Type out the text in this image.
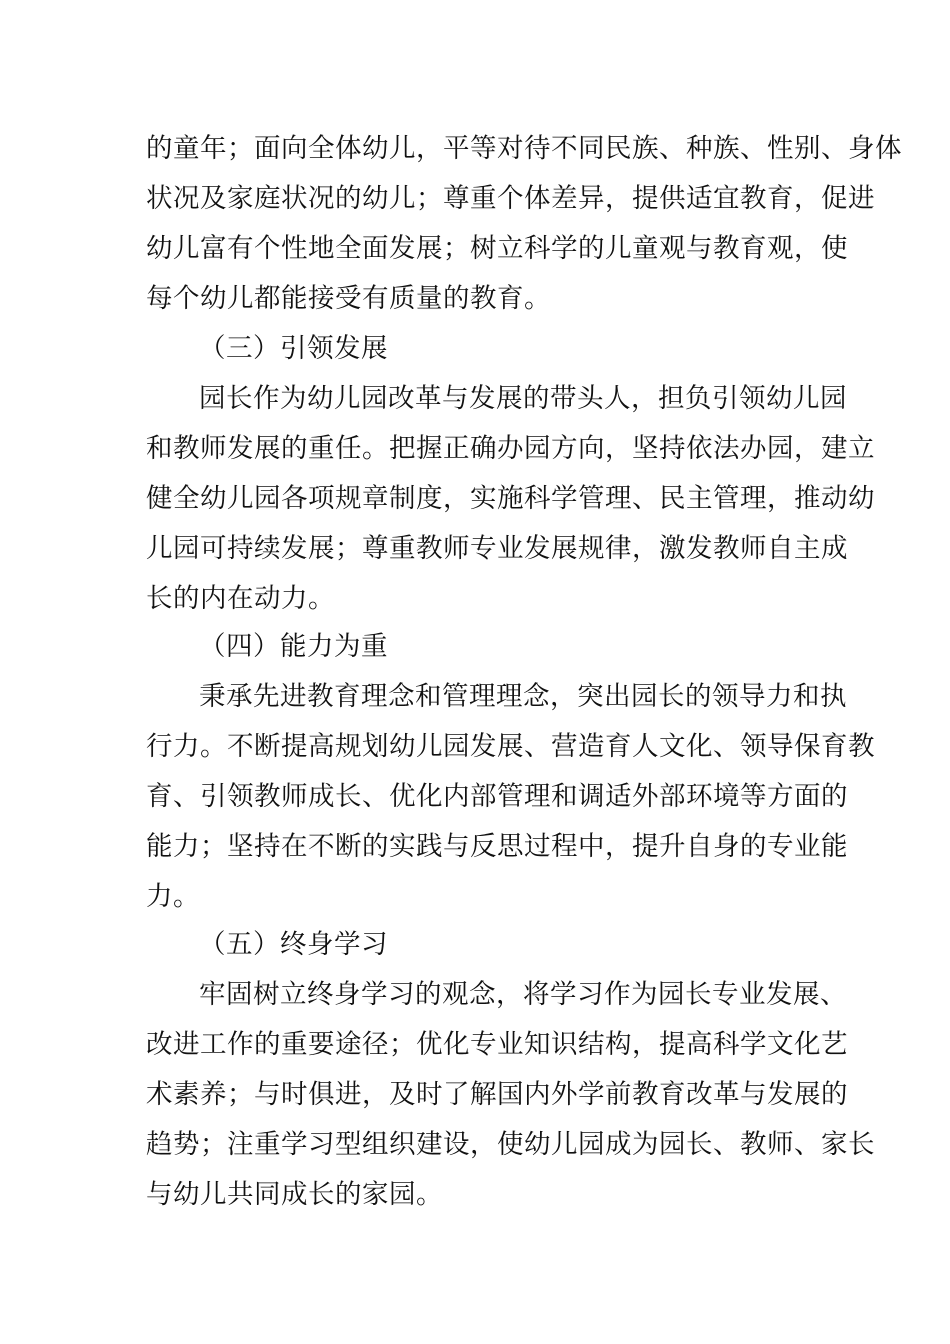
的童年；面向全体幼儿，平等对待不同民族、种族、性别、身体
状况及家庭状况的幼儿；尊重个体差异，提供适宜教育，促进
幼儿富有个性地全面发展；树立科学的儿童观与教育观，使
每个幼儿都能接受有质量的教育。
（三）引领发展
园长作为幼儿园改革与发展的带头人，担负引领幼儿园
和教师发展的重任。把握正确办园方向，坚持依法办园，建立
健全幼儿园各项规章制度，实施科学管理、民主管理，推动幼
儿园可持续发展；尊重教师专业发展规律，激发教师自主成
长的内在动力。
（四）能力为重
秉承先进教育理念和管理理念，突出园长的领导力和执
行力。不断提高规划幼儿园发展、营造育人文化、领导保育教
育、引领教师成长、优化内部管理和调适外部环境等方面的
能力；坚持在不断的实践与反思过程中，提升自身的专业能
力。
（五）终身学习
牢固树立终身学习的观念，将学习作为园长专业发展、
改进工作的重要途径；优化专业知识结构，提高科学文化艺
术素养；与时俱进，及时了解国内外学前教育改革与发展的
趋势；注重学习型组织建设，使幼儿园成为园长、教师、家长
与幼儿共同成长的家园。
